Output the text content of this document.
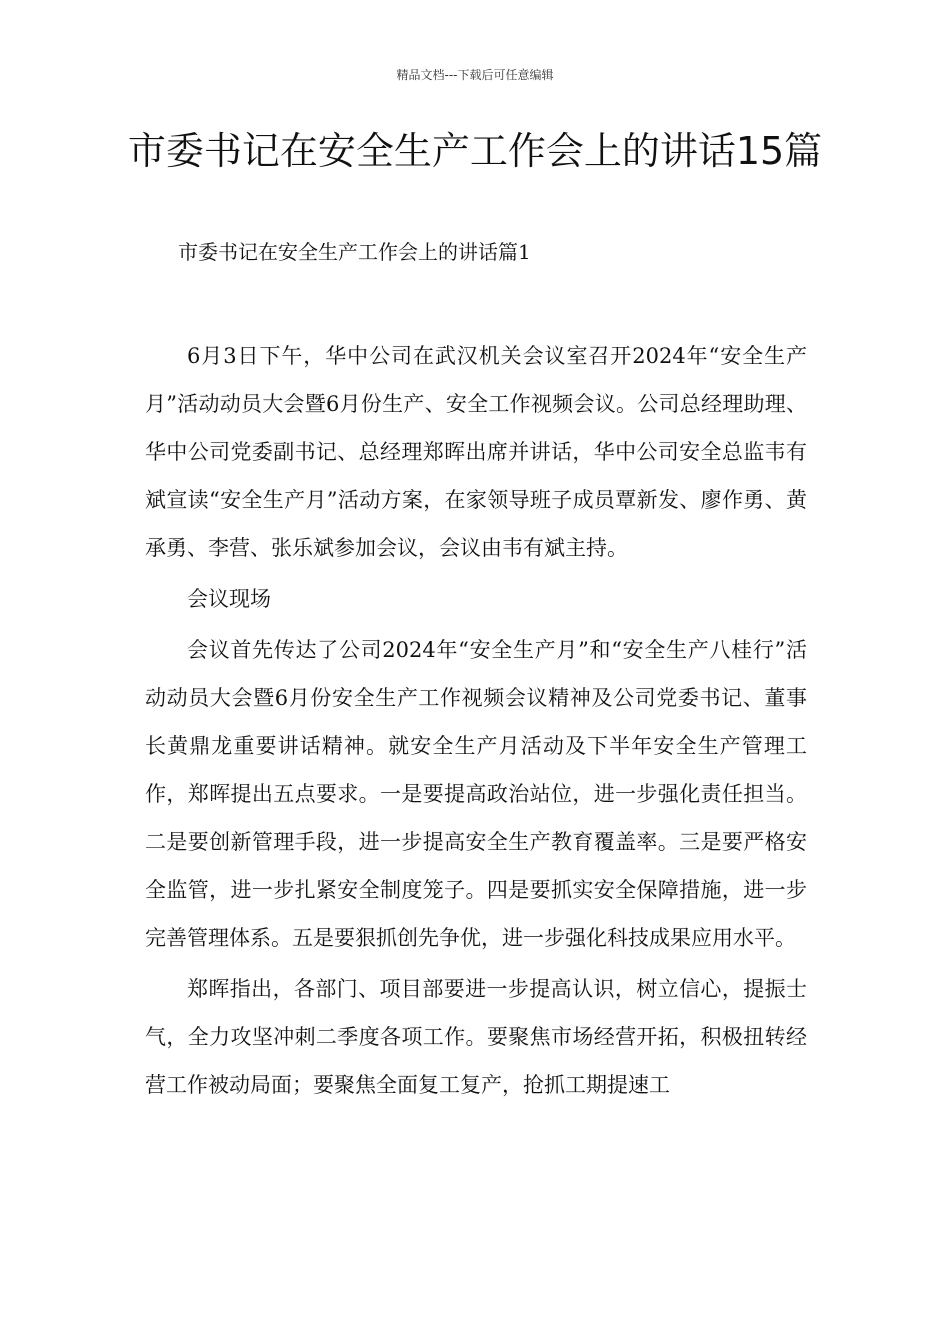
精品文档---下载后可任意编辑
市委书记在安全生产工作会上的讲话15篇
市委书记在安全生产工作会上的讲话篇1

6月3日下午，华中公司在武汉机关会议室召开2024年“安全生产月”活动动员大会暨6月份生产、安全工作视频会议。公司总经理助理、华中公司党委副书记、总经理郑晖出席并讲话，华中公司安全总监韦有斌宣读“安全生产月”活动方案，在家领导班子成员覃新发、廖作勇、黄承勇、李营、张乐斌参加会议，会议由韦有斌主持。

会议现场

会议首先传达了公司2024年“安全生产月”和“安全生产八桂行”活动动员大会暨6月份安全生产工作视频会议精神及公司党委书记、董事长黄鼎龙重要讲话精神。就安全生产月活动及下半年安全生产管理工作，郑晖提出五点要求。一是要提高政治站位，进一步强化责任担当。二是要创新管理手段，进一步提高安全生产教育覆盖率。三是要严格安全监管，进一步扎紧安全制度笼子。四是要抓实安全保障措施，进一步完善管理体系。五是要狠抓创先争优，进一步强化科技成果应用水平。

郑晖指出，各部门、项目部要进一步提高认识，树立信心，提振士气，全力攻坚冲刺二季度各项工作。要聚焦市场经营开拓，积极扭转经营工作被动局面；要聚焦全面复工复产，抢抓工期提速工
